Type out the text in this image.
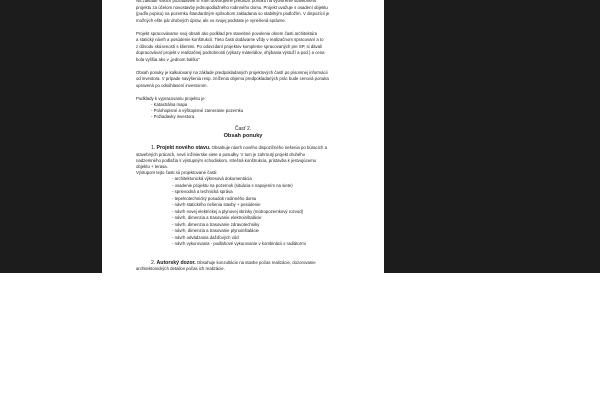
Na základe Vašich požiadaviek si Vám dovoľujeme predložiť ponuku na vytvorenie stavebného
projektu za účelom novostavby jednopodlažného rodinného domu. Projekt uvažuje s osadení objektu
(podľa popisu) na pozemku štandardným spôsobom zakladania so stabilným podložím. V dispozícii je
možných ešte pár drobných úprav, ale vo svojej podstate je vyriešená správne.
Projekt spracovávame svoj obsah ako podklad pre stavebné povolenie okrem časti architektúra
a statický návrh a posúdenie konštrukcií. Tieto časti dodávame vždy v realizačnom spracovaní a to
z dôvodu skúseností s klientmi. Po odovzdaní projektov kompletne spracovaných pre SP, si dávali
dopracovávať projekt v realizačnej podrobnosti (výkazy materiálov, ohýbania výstuží a pod.) a cena
bola vyššia ako v „jednom balíku“
Obsah ponuky je kalkulovaný na základe predpokladaných projektových častí po písomnej informácii
od investora. V prípade navýšenia resp. zníženia objemu predpokladaných prác bude cenová ponuka
upravená po odsúhlasení investorom.
Podklady k vypracovaniu projektu je:
- Katastrálna mapa
- Polohopisné a výškopisné zameranie pozemku
- Požiadavky investora
Časť 2.
Obsah ponuky
1. Projekt nového stavu. Obsahuje návrh nového dispozičného riešenia po búracích a
stavebných prácach, nové inžinierske siete a posudky. V tom je zahrnutý projekt druhého
nadzemného podlažia s výstupným schodiskom, strešná konštrukcia, prístavba k jestvujúcemu
objektu + terasa.
Výstupom tejto časti sú projektované časti:
- architektonická výkresová dokumentácia
- osadenie projektu na pozemok (situácia s napojením na siete)
- sprievodná a technická správa
- tepelnotechnický posudok rodinného domu
- návrh statického riešenia stavby + posúdenie
- návrh novej elektrickej a plynovej skrinky (mútropozemkový rozvod)
- návrh, dimenzia a trasovanie elektroinštalácie
- návrh, dimenzia a trasovanie zdravotechniky
- návrh, dimenzia a trasovanie plynoinštalácie
- návrh odvádzania dažďových vôd
- návrh vykurovania - podlahové vykurovanie v kombinácii s radiátormi
2. Autorský dozor. Obsahuje konzultácie na stavbe počas realizácie, dozorovanie
architektonických detailov počas ich realizácie.
